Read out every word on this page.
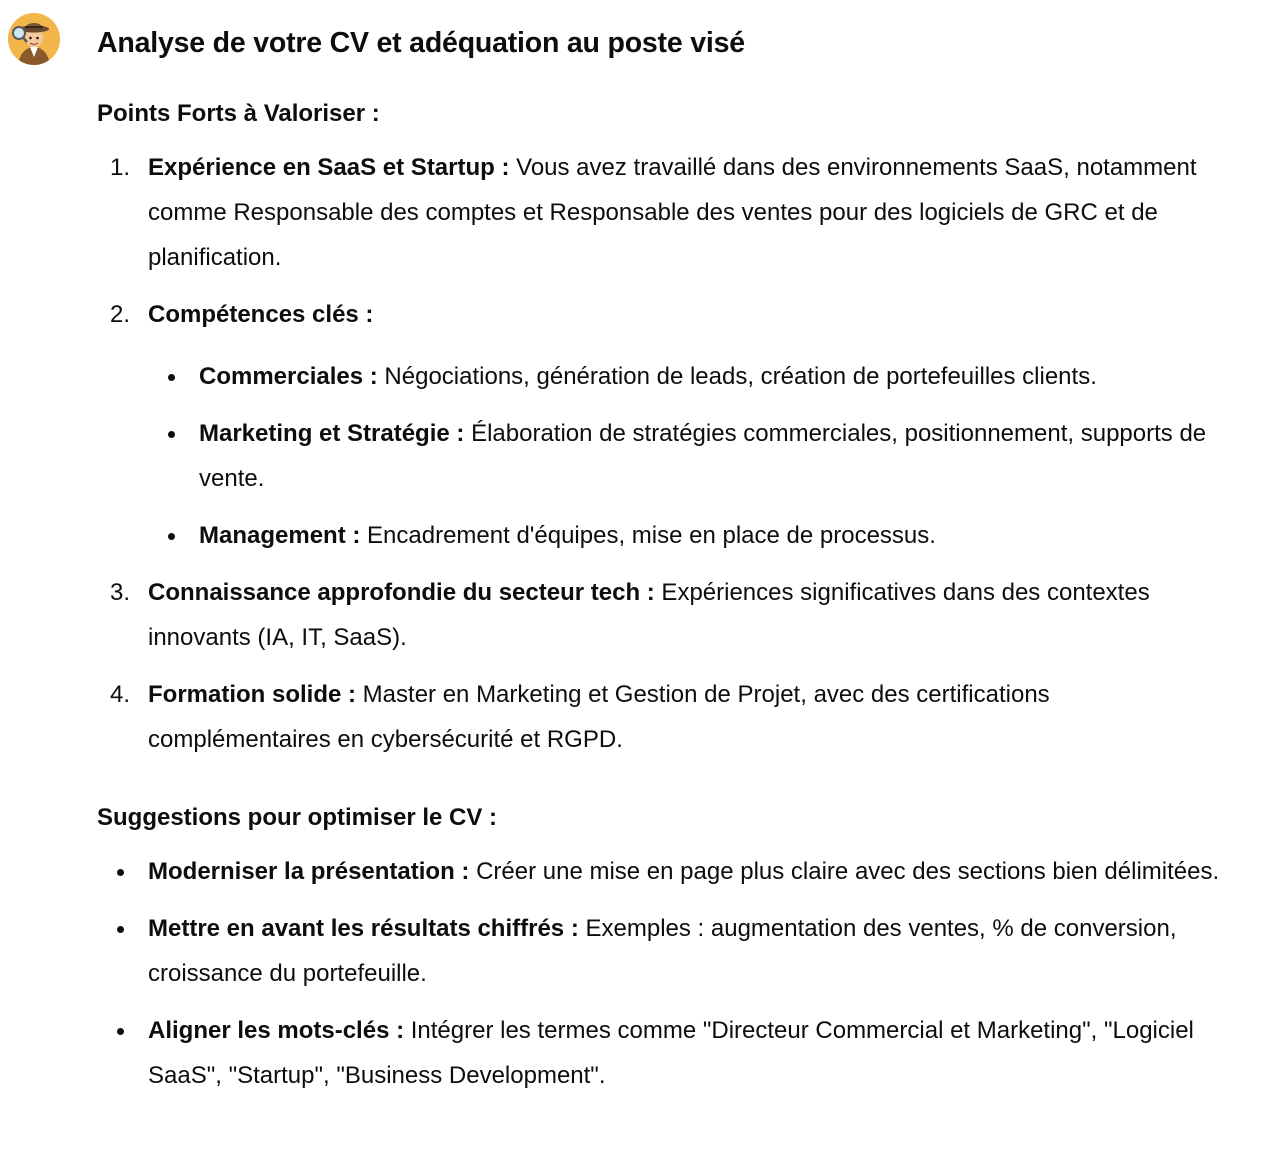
Analyse de votre CV et adéquation au poste visé
Points Forts à Valoriser :
1. Expérience en SaaS et Startup : Vous avez travaillé dans des environnements SaaS, notamment comme Responsable des comptes et Responsable des ventes pour des logiciels de GRC et de planification.
2. Compétences clés :
Commerciales : Négociations, génération de leads, création de portefeuilles clients.
Marketing et Stratégie : Élaboration de stratégies commerciales, positionnement, supports de vente.
Management : Encadrement d'équipes, mise en place de processus.
3. Connaissance approfondie du secteur tech : Expériences significatives dans des contextes innovants (IA, IT, SaaS).
4. Formation solide : Master en Marketing et Gestion de Projet, avec des certifications complémentaires en cybersécurité et RGPD.
Suggestions pour optimiser le CV :
Moderniser la présentation : Créer une mise en page plus claire avec des sections bien délimitées.
Mettre en avant les résultats chiffrés : Exemples : augmentation des ventes, % de conversion, croissance du portefeuille.
Aligner les mots-clés : Intégrer les termes comme "Directeur Commercial et Marketing", "Logiciel SaaS", "Startup", "Business Development".
